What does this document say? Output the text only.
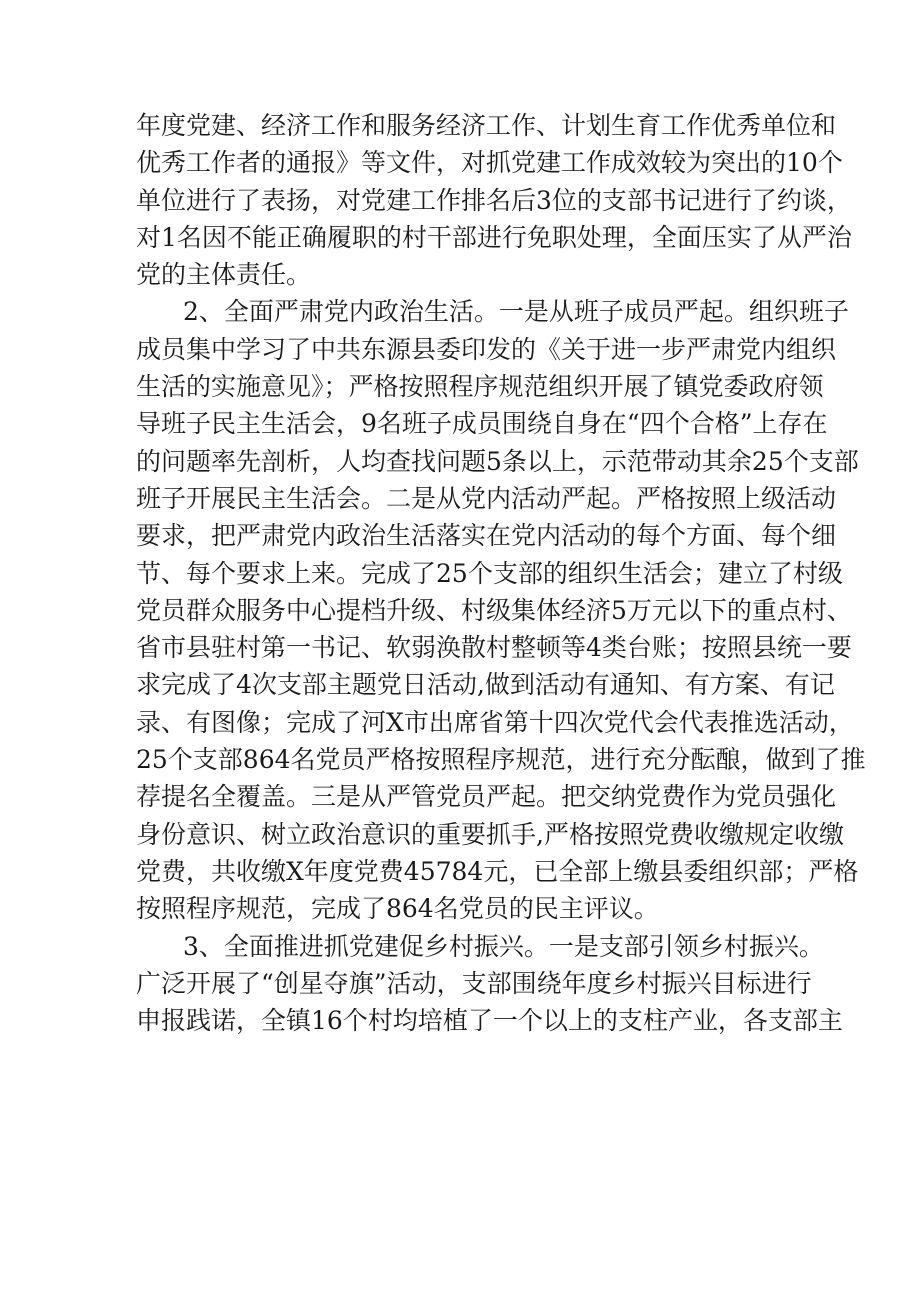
年度党建、经济工作和服务经济工作、计划生育工作优秀单位和
优秀工作者的通报》等文件，对抓党建工作成效较为突出的10个
单位进行了表扬，对党建工作排名后3位的支部书记进行了约谈，
对1名因不能正确履职的村干部进行免职处理，全面压实了从严治
党的主体责任。
2、全面严肃党内政治生活。一是从班子成员严起。组织班子
成员集中学习了中共东源县委印发的《关于进一步严肃党内组织
生活的实施意见》；严格按照程序规范组织开展了镇党委政府领
导班子民主生活会，9名班子成员围绕自身在“四个合格”上存在
的问题率先剖析，人均查找问题5条以上，示范带动其余25个支部
班子开展民主生活会。二是从党内活动严起。严格按照上级活动
要求，把严肃党内政治生活落实在党内活动的每个方面、每个细
节、每个要求上来。完成了25个支部的组织生活会；建立了村级
党员群众服务中心提档升级、村级集体经济5万元以下的重点村、
省市县驻村第一书记、软弱涣散村整顿等4类台账；按照县统一要
求完成了4次支部主题党日活动,做到活动有通知、有方案、有记
录、有图像；完成了河X市出席省第十四次党代会代表推选活动，
25个支部864名党员严格按照程序规范，进行充分酝酿，做到了推
荐提名全覆盖。三是从严管党员严起。把交纳党费作为党员强化
身份意识、树立政治意识的重要抓手,严格按照党费收缴规定收缴
党费，共收缴X年度党费45784元，已全部上缴县委组织部；严格
按照程序规范，完成了864名党员的民主评议。
3、全面推进抓党建促乡村振兴。一是支部引领乡村振兴。
广泛开展了“创星夺旗”活动，支部围绕年度乡村振兴目标进行
申报践诺，全镇16个村均培植了一个以上的支柱产业，各支部主
